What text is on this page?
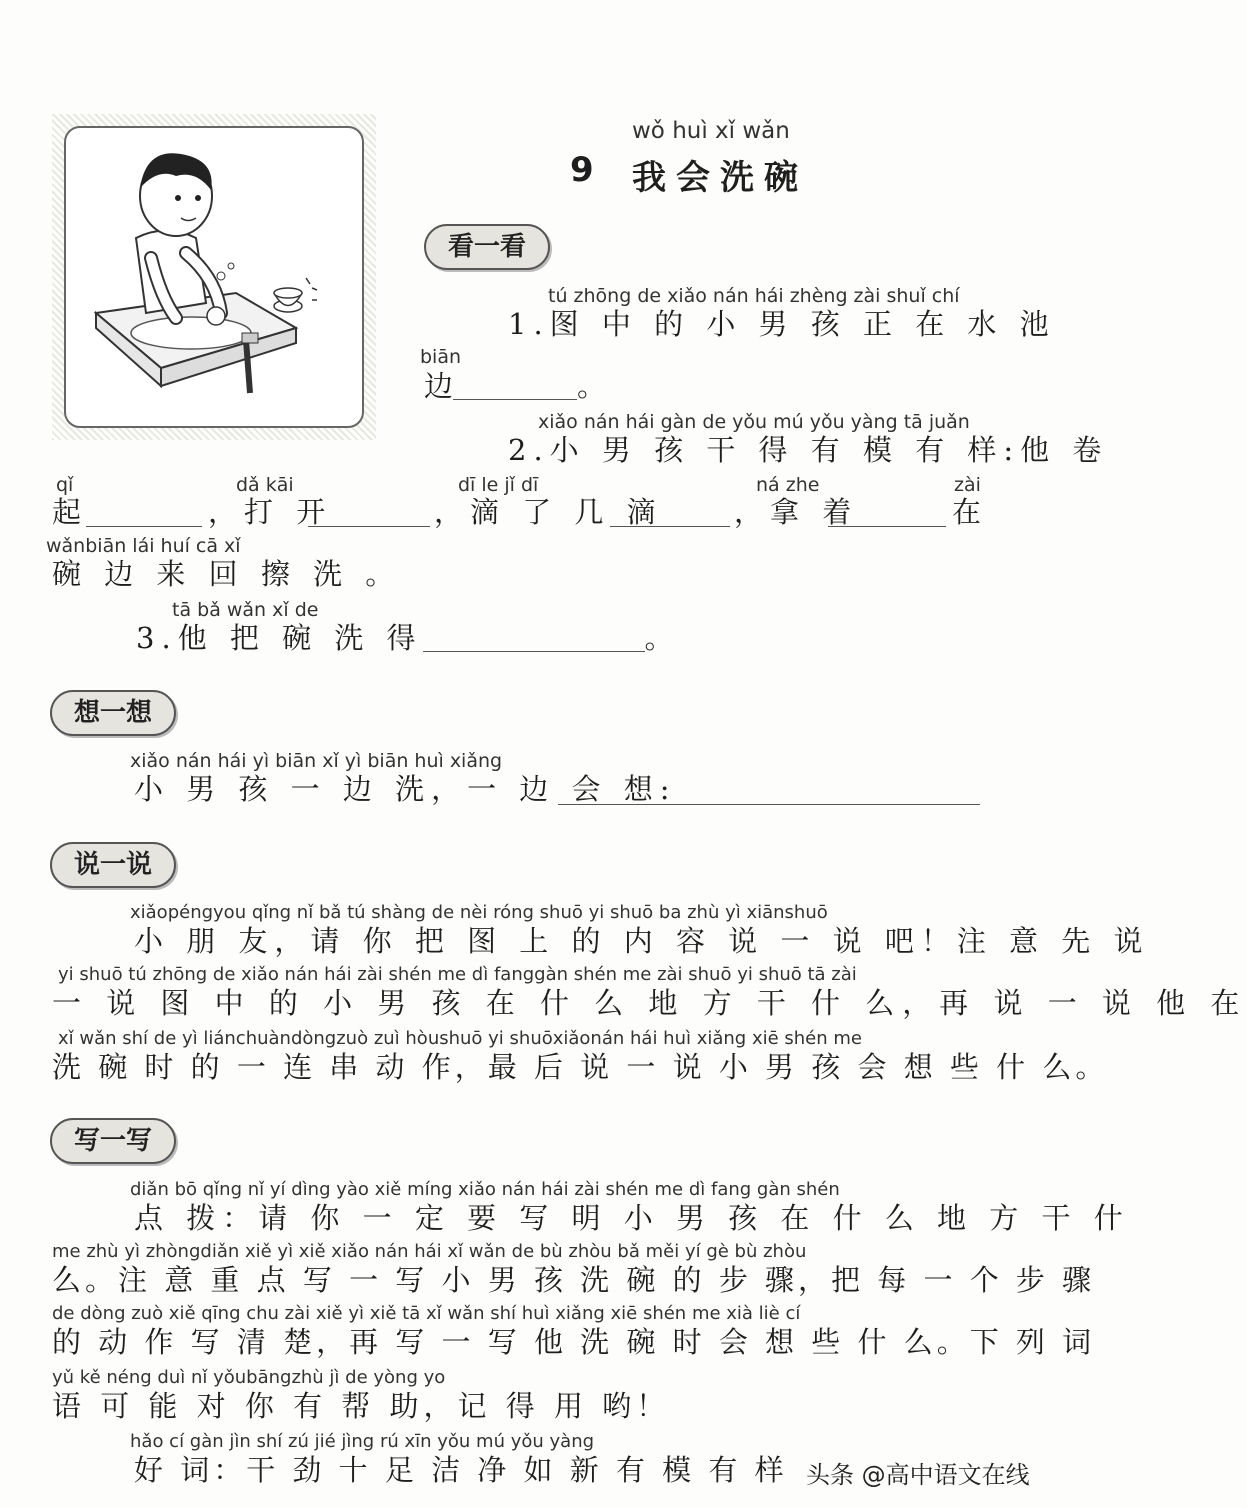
wǒ huì xǐ wǎn
9 我会洗碗
看一看
tú zhōng de xiǎo nán hái zhèng zài shuǐ chí
1.图 中 的 小 男 孩 正 在 水 池
biān
边	。
xiǎo nán hái gàn de yǒu mú yǒu yàng tā juǎn
2.小 男 孩 干 得 有 模 有 样:他 卷
qǐ	dǎ kāi	dī le jǐ dī	ná zhe	zài
起	，打 开	，滴 了 几 滴 ，拿 着	在
wǎnbiān lái huí cā xǐ
碗 边 来 回 擦 洗 。
tā bǎ wǎn xǐ de
3.他 把 碗 洗 得	。
想一想
xiǎo nán hái yì biān xǐ yì biān huì xiǎng
小 男 孩 一 边 洗，一 边 会 想:
说一说
xiǎopéngyou qǐng nǐ bǎ tú shàng de nèi róng shuō yi shuō ba zhù yì xiānshuō
小 朋 友，请 你 把 图 上 的 内 容 说 一 说 吧！注 意 先 说
yi shuō tú zhōng de xiǎo nán hái zài shén me dì fanggàn shén me zài shuō yi shuō tā zài
一 说 图 中 的 小 男 孩 在 什 么 地 方 干 什 么，再 说 一 说 他 在
xǐ wǎn shí de yì liánchuàndòngzuò zuì hòushuō yi shuōxiǎonán hái huì xiǎng xiē shén me
洗 碗 时 的 一 连 串 动 作，最 后 说 一 说 小 男 孩 会 想 些 什 么。
写一写
diǎn bō qǐng nǐ yí dìng yào xiě míng xiǎo nán hái zài shén me dì fang gàn shén
点 拨：请 你 一 定 要 写 明 小 男 孩 在 什 么 地 方 干 什
me zhù yì zhòngdiǎn xiě yì xiě xiǎo nán hái xǐ wǎn de bù zhòu bǎ měi yí gè bù zhòu
么。注 意 重 点 写 一 写 小 男 孩 洗 碗 的 步 骤，把 每 一 个 步 骤
de dòng zuò xiě qīng chu zài xiě yì xiě tā xǐ wǎn shí huì xiǎng xiē shén me xià liè cí
的 动 作 写 清 楚，再 写 一 写 他 洗 碗 时 会 想 些 什 么。下 列 词
yǔ kě néng duì nǐ yǒubāngzhù jì de yòng yo
语 可 能 对 你 有 帮 助，记 得 用 哟！
hǎo cí gàn jìn shí zú jié jìng rú xīn yǒu mú yǒu yàng
好 词：干 劲 十 足 洁 净 如 新 有 模 有 样 头条 @高中语文在线
